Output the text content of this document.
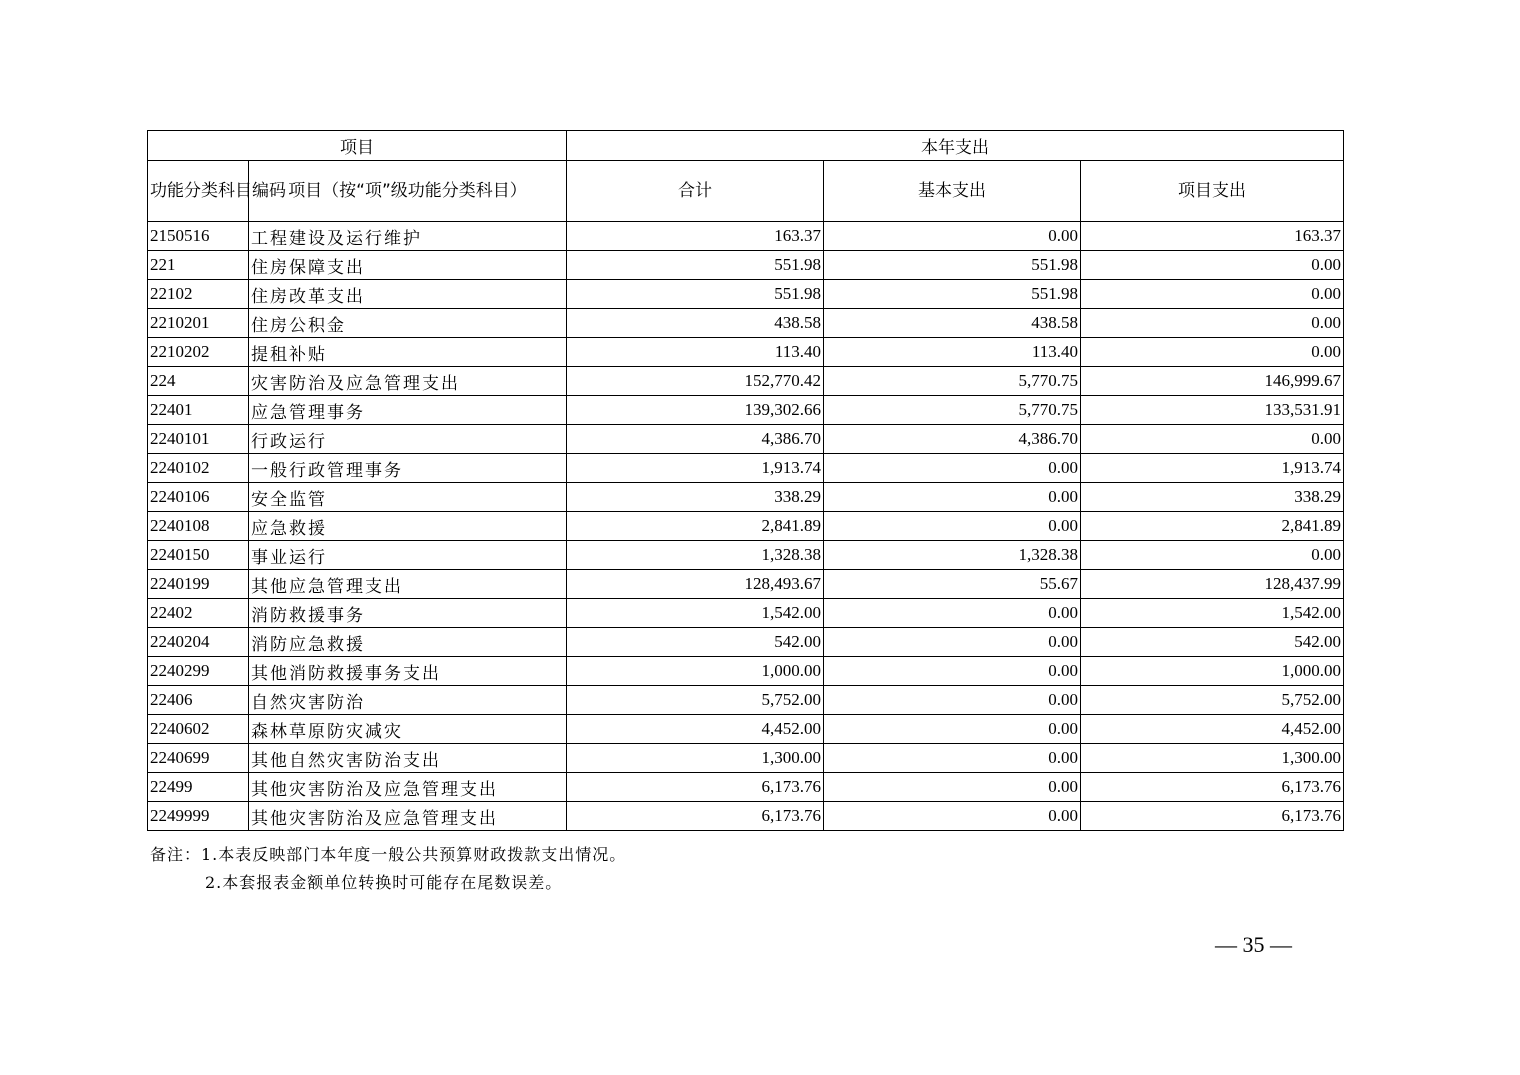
项目		本年支出		
功能分类科目编码	项目（按“项”级功能分类科目）	合计	基本支出	项目支出
2150516	工程建设及运行维护	163.37	0.00	163.37
221	住房保障支出	551.98	551.98	0.00
22102	住房改革支出	551.98	551.98	0.00
2210201	住房公积金	438.58	438.58	0.00
2210202	提租补贴	113.40	113.40	0.00
224	灾害防治及应急管理支出	152,770.42	5,770.75	146,999.67
22401	应急管理事务	139,302.66	5,770.75	133,531.91
2240101	行政运行	4,386.70	4,386.70	0.00
2240102	一般行政管理事务	1,913.74	0.00	1,913.74
2240106	安全监管	338.29	0.00	338.29
2240108	应急救援	2,841.89	0.00	2,841.89
2240150	事业运行	1,328.38	1,328.38	0.00
2240199	其他应急管理支出	128,493.67	55.67	128,437.99
22402	消防救援事务	1,542.00	0.00	1,542.00
2240204	消防应急救援	542.00	0.00	542.00
2240299	其他消防救援事务支出	1,000.00	0.00	1,000.00
22406	自然灾害防治	5,752.00	0.00	5,752.00
2240602	森林草原防灾减灾	4,452.00	0.00	4,452.00
2240699	其他自然灾害防治支出	1,300.00	0.00	1,300.00
22499	其他灾害防治及应急管理支出	6,173.76	0.00	6,173.76
2249999	其他灾害防治及应急管理支出	6,173.76	0.00	6,173.76
备注：1.本表反映部门本年度一般公共预算财政拨款支出情况。
2.本套报表金额单位转换时可能存在尾数误差。
— 35 —
